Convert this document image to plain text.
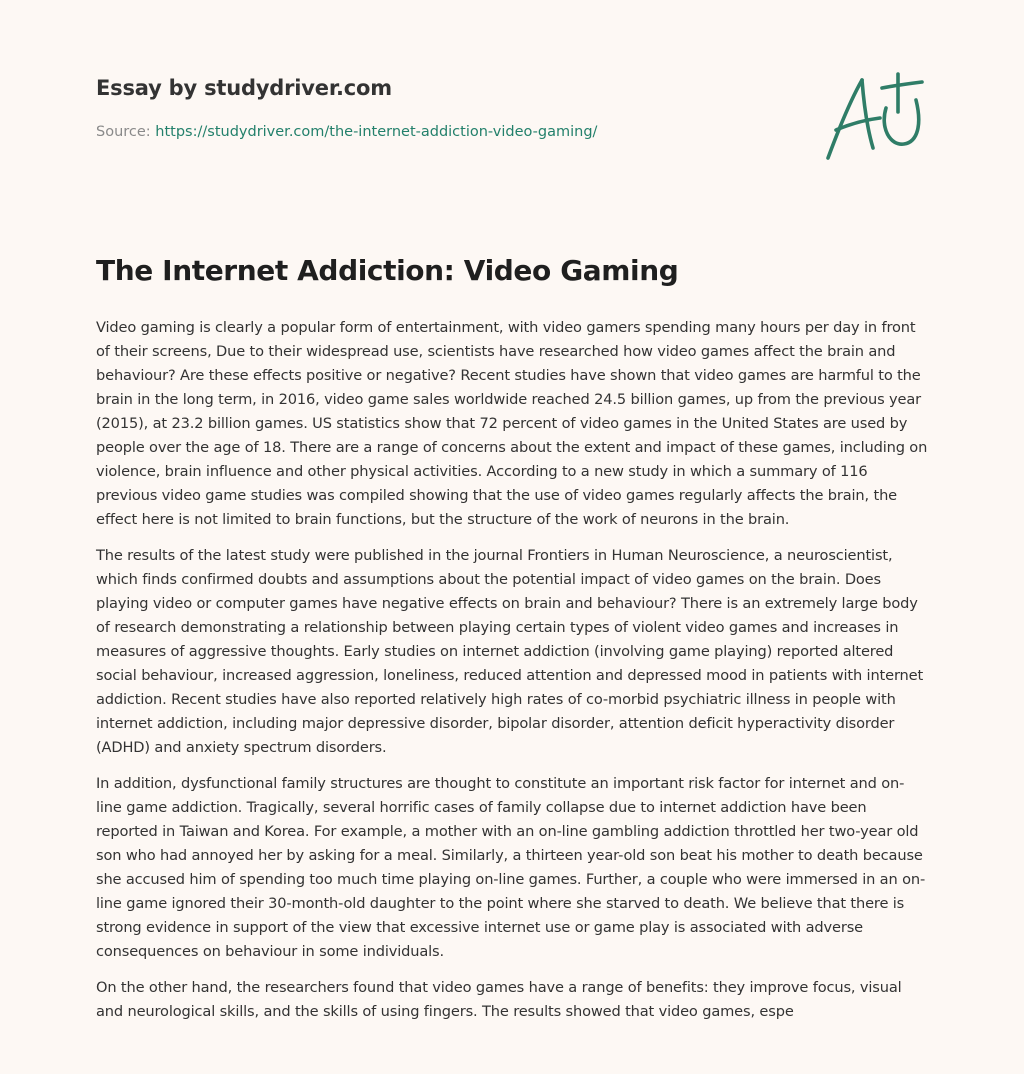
Essay by studydriver.com

Source: https://studydriver.com/the-internet-addiction-video-gaming/

The Internet Addiction: Video Gaming

Video gaming is clearly a popular form of entertainment, with video gamers spending many hours per day in front of their screens, Due to their widespread use, scientists have researched how video games affect the brain and behaviour? Are these effects positive or negative? Recent studies have shown that video games are harmful to the brain in the long term, in 2016, video game sales worldwide reached 24.5 billion games, up from the previous year (2015), at 23.2 billion games. US statistics show that 72 percent of video games in the United States are used by people over the age of 18. There are a range of concerns about the extent and impact of these games, including on violence, brain influence and other physical activities. According to a new study in which a summary of 116 previous video game studies was compiled showing that the use of video games regularly affects the brain, the effect here is not limited to brain functions, but the structure of the work of neurons in the brain.

The results of the latest study were published in the journal Frontiers in Human Neuroscience, a neuroscientist, which finds confirmed doubts and assumptions about the potential impact of video games on the brain. Does playing video or computer games have negative effects on brain and behaviour? There is an extremely large body of research demonstrating a relationship between playing certain types of violent video games and increases in measures of aggressive thoughts. Early studies on internet addiction (involving game playing) reported altered social behaviour, increased aggression, loneliness, reduced attention and depressed mood in patients with internet addiction. Recent studies have also reported relatively high rates of co-morbid psychiatric illness in people with internet addiction, including major depressive disorder, bipolar disorder, attention deficit hyperactivity disorder (ADHD) and anxiety spectrum disorders.

In addition, dysfunctional family structures are thought to constitute an important risk factor for internet and on-line game addiction. Tragically, several horrific cases of family collapse due to internet addiction have been reported in Taiwan and Korea. For example, a mother with an on-line gambling addiction throttled her two-year old son who had annoyed her by asking for a meal. Similarly, a thirteen year-old son beat his mother to death because she accused him of spending too much time playing on-line games. Further, a couple who were immersed in an on-line game ignored their 30-month-old daughter to the point where she starved to death. We believe that there is strong evidence in support of the view that excessive internet use or game play is associated with adverse consequences on behaviour in some individuals.

On the other hand, the researchers found that video games have a range of benefits: they improve focus, visual and neurological skills, and the skills of using fingers. The results showed that video games, espe
